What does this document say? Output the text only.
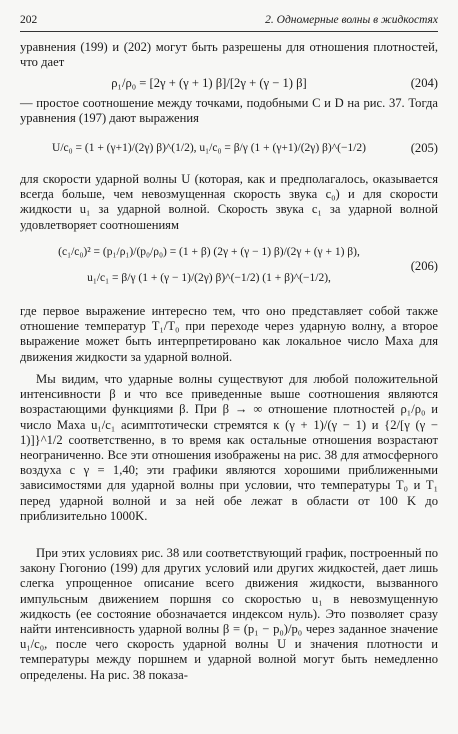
202	2. Одномерные волны в жидкостях

уравнения (199) и (202) могут быть разрешены для отношения плотностей, что дает

ρ₁/ρ₀ = [2γ + (γ + 1) β]/[2γ + (γ − 1) β]	(204)

— простое соотношение между точками, подобными C и D на рис. 37. Тогда уравнения (197) дают выражения

U/c₀ = (1 + (γ+1)/(2γ) β)^(1/2), u₁/c₀ = β/γ (1 + (γ+1)/(2γ) β)^(−1/2)	(205)

для скорости ударной волны U (которая, как и предполагалось, оказывается всегда больше, чем невозмущенная скорость звука c₀) и для скорости жидкости u₁ за ударной волной. Скорость звука c₁ за ударной волной удовлетворяет соотношениям

(c₁/c₀)² = (p₁/ρ₁)/(p₀/ρ₀) = (1 + β) (2γ + (γ − 1) β)/(2γ + (γ + 1) β),
u₁/c₁ = β/γ (1 + (γ − 1)/(2γ) β)^(−1/2) (1 + β)^(−1/2),
(206)

где первое выражение интересно тем, что оно представляет собой также отношение температур T₁/T₀ при переходе через ударную волну, а второе выражение может быть интерпретировано как локальное число Маха для движения жидкости за ударной волной.

Мы видим, что ударные волны существуют для любой положительной интенсивности β и что все приведенные выше соотношения являются возрастающими функциями β. При β → ∞ отношение плотностей ρ₁/ρ₀ и число Маха u₁/c₁ асимптотически стремятся к (γ + 1)/(γ − 1) и {2/[γ (γ − 1)]}^1/2 соответственно, в то время как остальные отношения возрастают неограниченно. Все эти отношения изображены на рис. 38 для атмосферного воздуха с γ = 1,40; эти графики являются хорошими приближенными зависимостями для ударной волны при условии, что температуры T₀ и T₁ перед ударной волной и за ней обе лежат в области от 100 K до приблизительно 1000K.

При этих условиях рис. 38 или соответствующий график, построенный по закону Гюгонио (199) для других условий или других жидкостей, дает лишь слегка упрощенное описание всего движения жидкости, вызванного импульсным движением поршня со скоростью u₁ в невозмущенную жидкость (ее состояние обозначается индексом нуль). Это позволяет сразу найти интенсивность ударной волны β = (p₁ − p₀)/p₀ через заданное значение u₁/c₀, после чего скорость ударной волны U и значения плотности и температуры между поршнем и ударной волной могут быть немедленно определены. На рис. 38 показа-
